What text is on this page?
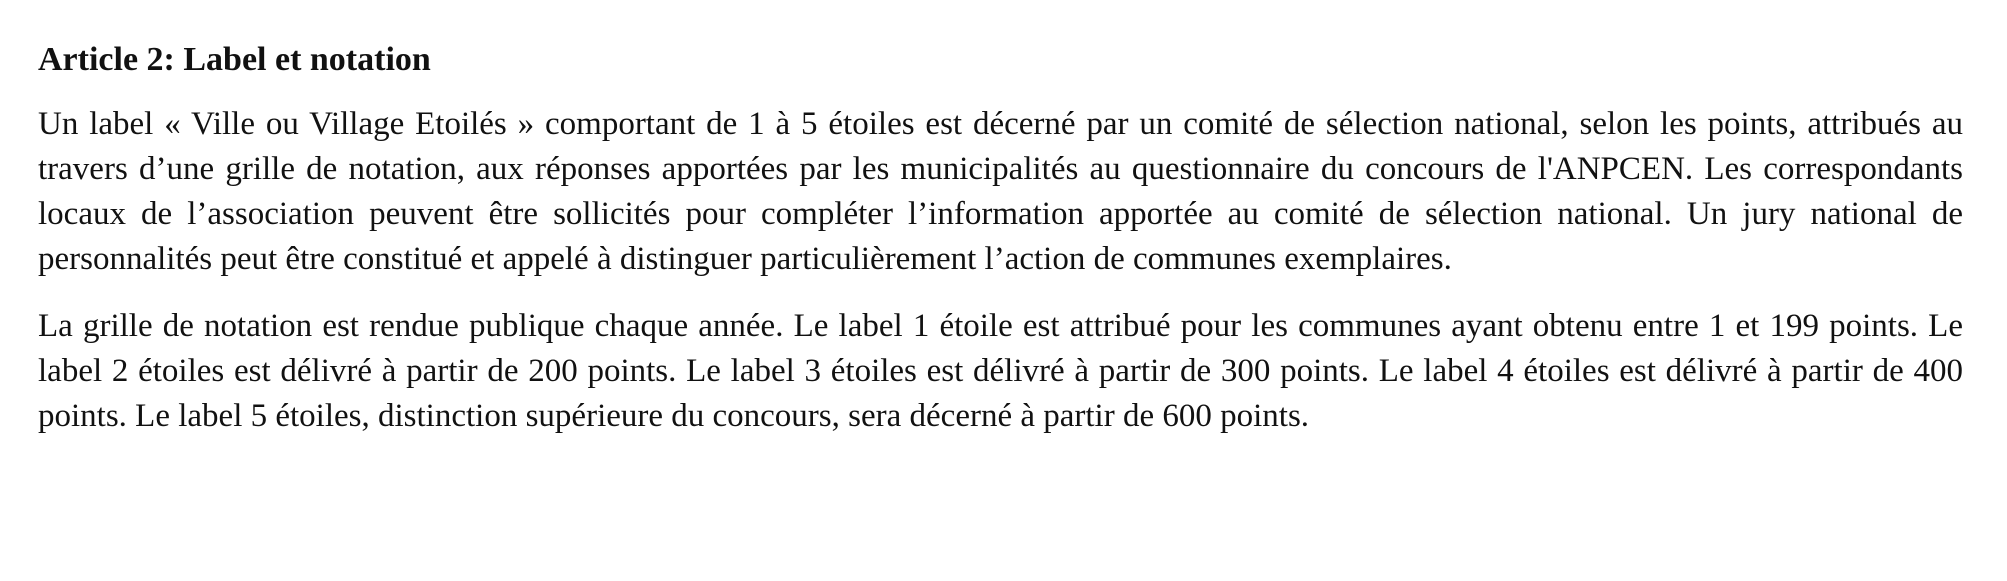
Article 2: Label et notation

Un label « Ville ou Village Etoilés » comportant de 1 à 5 étoiles est décerné par un comité de sélection national, selon les points, attribués au travers d’une grille de notation, aux réponses apportées par les municipalités au questionnaire du concours de l'ANPCEN. Les correspondants locaux de l’association peuvent être sollicités pour compléter l’information apportée au comité de sélection national. Un jury national de personnalités peut être constitué et appelé à distinguer particulièrement l’action de communes exemplaires.

La grille de notation est rendue publique chaque année. Le label 1 étoile est attribué pour les communes ayant obtenu entre 1 et 199 points. Le label 2 étoiles est délivré à partir de 200 points. Le label 3 étoiles est délivré à partir de 300 points. Le label 4 étoiles est délivré à partir de 400 points. Le label 5 étoiles, distinction supérieure du concours, sera décerné à partir de 600 points.
